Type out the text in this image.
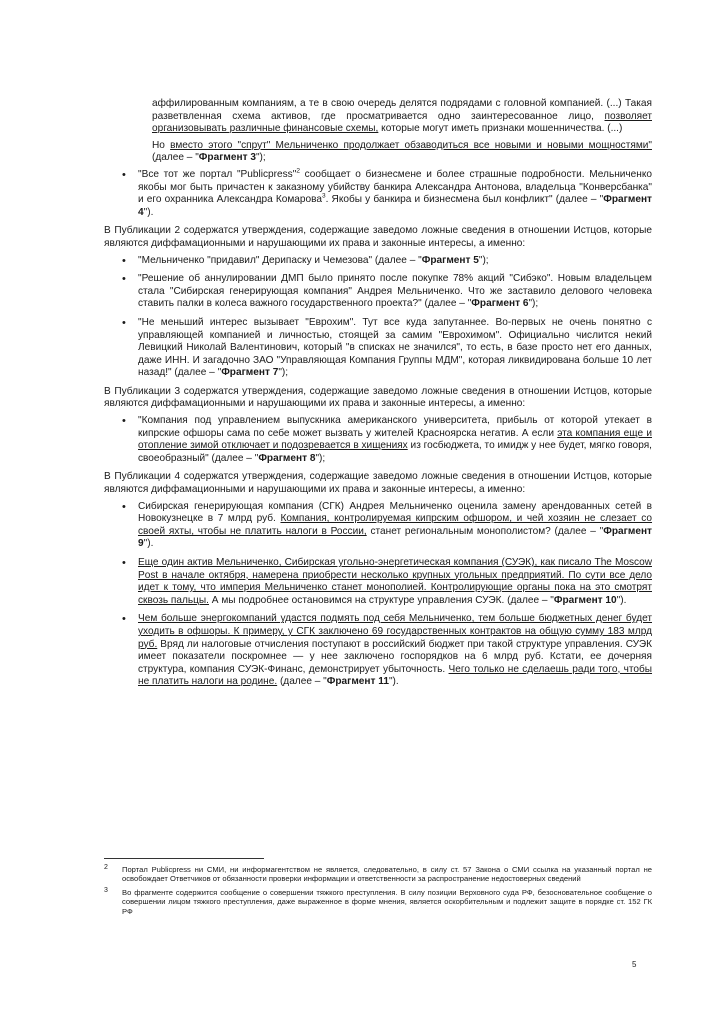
аффилированным компаниям, а те в свою очередь делятся подрядами с головной компанией. (...) Такая разветвленная схема активов, где просматривается одно заинтересованное лицо, позволяет организовывать различные финансовые схемы, которые могут иметь признаки мошенничества. (...)

Но вместо этого "спрут" Мельниченко продолжает обзаводиться все новыми и новыми мощностями" (далее – "Фрагмент 3");

• "Все тот же портал "Publicpress"$^2$ сообщает о бизнесмене и более страшные подробности. Мельниченко якобы мог быть причастен к заказному убийству банкира Александра Антонова, владельца "Конверсбанка" и его охранника Александра Комарова$^3$. Якобы у банкира и бизнесмена был конфликт" (далее – "Фрагмент 4").

В Публикации 2 содержатся утверждения, содержащие заведомо ложные сведения в отношении Истцов, которые являются диффамационными и нарушающими их права и законные интересы, а именно:

• "Мельниченко "придавил" Дерипаску и Чемезова" (далее – "Фрагмент 5");
• "Решение об аннулировании ДМП было принято после покупке 78% акций "Сибэко". Новым владельцем стала "Сибирская генерирующая компания" Андрея Мельниченко. Что же заставило делового человека ставить палки в колеса важного государственного проекта?" (далее – "Фрагмент 6");
• "Не меньший интерес вызывает "Еврохим". Тут все куда запутаннее. Во-первых не очень понятно с управляющей компанией и личностью, стоящей за самим "Еврохимом". Официально числится некий Левицкий Николай Валентинович, который "в списках не значился", то есть, в базе просто нет его данных, даже ИНН. И загадочно ЗАО "Управляющая Компания Группы МДМ", которая ликвидирована больше 10 лет назад!" (далее – "Фрагмент 7");

В Публикации 3 содержатся утверждения, содержащие заведомо ложные сведения в отношении Истцов, которые являются диффамационными и нарушающими их права и законные интересы, а именно:

• "Компания под управлением выпускника американского университета, прибыль от которой утекает в кипрские офшоры сама по себе может вызвать у жителей Красноярска негатив. А если эта компания еще и отопление зимой отключает и подозревается в хищениях из госбюджета, то имидж у нее будет, мягко говоря, своеобразный" (далее – "Фрагмент 8");

В Публикации 4 содержатся утверждения, содержащие заведомо ложные сведения в отношении Истцов, которые являются диффамационными и нарушающими их права и законные интересы, а именно:

• Сибирская генерирующая компания (СГК) Андрея Мельниченко оценила замену арендованных сетей в Новокузнецке в 7 млрд руб. Компания, контролируемая кипрским офшором, и чей хозяин не слезает со своей яхты, чтобы не платить налоги в России, станет региональным монополистом? (далее – "Фрагмент 9").
• Еще один актив Мельниченко, Сибирская угольно-энергетическая компания (СУЭК), как писало The Moscow Post в начале октября, намерена приобрести несколько крупных угольных предприятий. По сути все дело идет к тому, что империя Мельниченко станет монополией. Контролирующие органы пока на это смотрят сквозь пальцы. А мы подробнее остановимся на структуре управления СУЭК. (далее – "Фрагмент 10").
• Чем больше энергокомпаний удастся подмять под себя Мельниченко, тем больше бюджетных денег будет уходить в офшоры. К примеру, у СГК заключено 69 государственных контрактов на общую сумму 183 млрд руб. Вряд ли налоговые отчисления поступают в российский бюджет при такой структуре управления. СУЭК имеет показатели поскромнее — у нее заключено госпорядков на 6 млрд руб. Кстати, ее дочерняя структура, компания СУЭК-Финанс, демонстрирует убыточность. Чего только не сделаешь ради того, чтобы не платить налоги на родине. (далее – "Фрагмент 11").
2 Портал Publicpress ни СМИ, ни информагентством не является, следовательно, в силу ст. 57 Закона о СМИ ссылка на указанный портал не освобождает Ответчиков от обязанности проверки информации и ответственности за распространение недостоверных сведений
3 Во фрагменте содержится сообщение о совершении тяжкого преступления. В силу позиции Верховного суда РФ, безосновательное сообщение о совершении лицом тяжкого преступления, даже выраженное в форме мнения, является оскорбительным и подлежит защите в порядке ст. 152 ГК РФ
5
